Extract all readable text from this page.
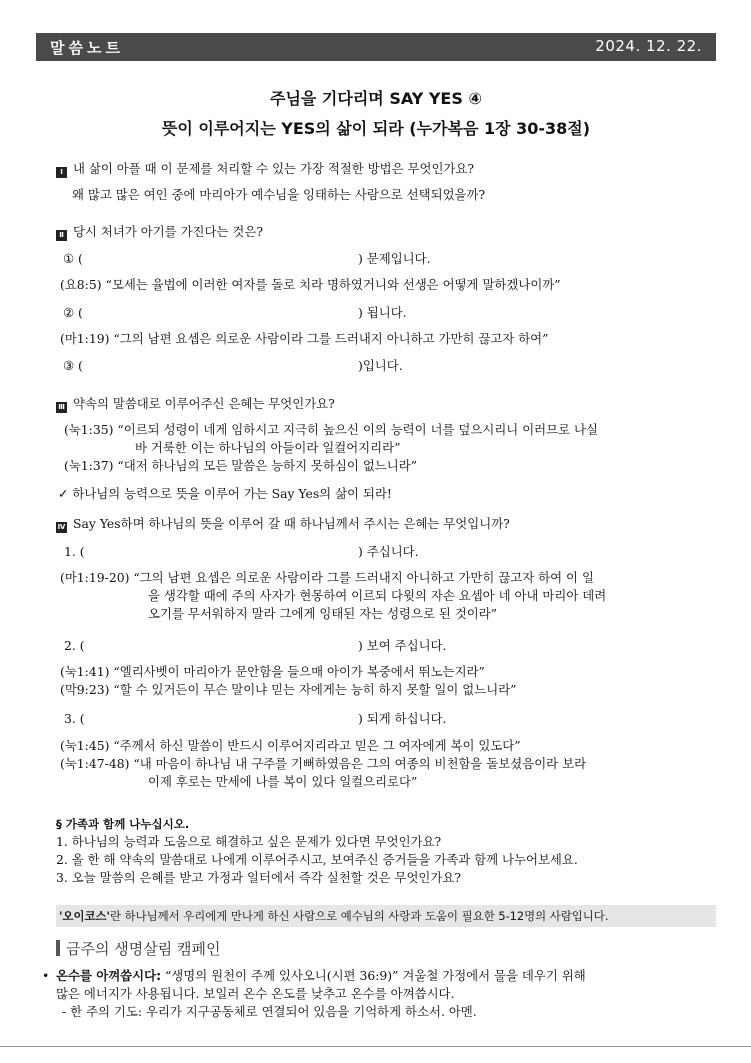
말씀노트	2024. 12. 22.
주님을 기다리며 SAY YES ④
뜻이 이루어지는 YES의 삶이 되라 (누가복음 1장 30-38절)
Ⅰ 내 삶이 아플 때 이 문제를 처리할 수 있는 가장 적절한 방법은 무엇인가요?
왜 많고 많은 여인 중에 마리아가 예수님을 잉태하는 사람으로 선택되었을까?
Ⅱ 당시 처녀가 아기를 가진다는 것은?
① (	) 문제입니다.
(요8:5) “모세는 율법에 이러한 여자를 돌로 치라 명하였거니와 선생은 어떻게 말하겠나이까”
② (	) 됩니다.
(마1:19) “그의 남편 요셉은 의로운 사람이라 그를 드러내지 아니하고 가만히 끊고자 하여”
③ (	)입니다.
Ⅲ 약속의 말씀대로 이루어주신 은혜는 무엇인가요?
(눅1:35) “이르되 성령이 네게 임하시고 지극히 높으신 이의 능력이 너를 덮으시리니 이러므로 나실
바 거룩한 이는 하나님의 아들이라 일컬어지리라”
(눅1:37) “대저 하나님의 모든 말씀은 능하지 못하심이 없느니라”
✓ 하나님의 능력으로 뜻을 이루어 가는 Say Yes의 삶이 되라!
Ⅳ Say Yes하며 하나님의 뜻을 이루어 갈 때 하나님께서 주시는 은혜는 무엇입니까?
1. (	) 주십니다.
(마1:19-20) “그의 남편 요셉은 의로운 사람이라 그를 드러내지 아니하고 가만히 끊고자 하여 이 일
을 생각할 때에 주의 사자가 현몽하여 이르되 다윗의 자손 요셉아 네 아내 마리아 데려
오기를 무서워하지 말라 그에게 잉태된 자는 성령으로 된 것이라”
2. (	) 보여 주십니다.
(눅1:41) “엘리사벳이 마리아가 문안함을 들으매 아이가 복중에서 뛰노는지라”
(막9:23) “할 수 있거든이 무슨 말이냐 믿는 자에게는 능히 하지 못할 일이 없느니라”
3. (	) 되게 하십니다.
(눅1:45) “주께서 하신 말씀이 반드시 이루어지리라고 믿은 그 여자에게 복이 있도다”
(눅1:47-48) “내 마음이 하나님 내 구주를 기뻐하였음은 그의 여종의 비천함을 돌보셨음이라 보라
이제 후로는 만세에 나를 복이 있다 일컬으리로다”
§ 가족과 함께 나누십시오.
1. 하나님의 능력과 도움으로 해결하고 싶은 문제가 있다면 무엇인가요?
2. 올 한 해 약속의 말씀대로 나에게 이루어주시고, 보여주신 증거들을 가족과 함께 나누어보세요.
3. 오늘 말씀의 은혜를 받고 가정과 일터에서 즉각 실천할 것은 무엇인가요?
'오이코스'란 하나님께서 우리에게 만나게 하신 사람으로 예수님의 사랑과 도움이 필요한 5-12명의 사람입니다.
금주의 생명살림 캠페인
• 온수를 아껴씁시다: “생명의 원천이 주께 있사오니(시편 36:9)” 겨울철 가정에서 물을 데우기 위해
많은 에너지가 사용됩니다. 보일러 온수 온도를 낮추고 온수를 아껴씁시다.
- 한 주의 기도: 우리가 지구공동체로 연결되어 있음을 기억하게 하소서. 아멘.
